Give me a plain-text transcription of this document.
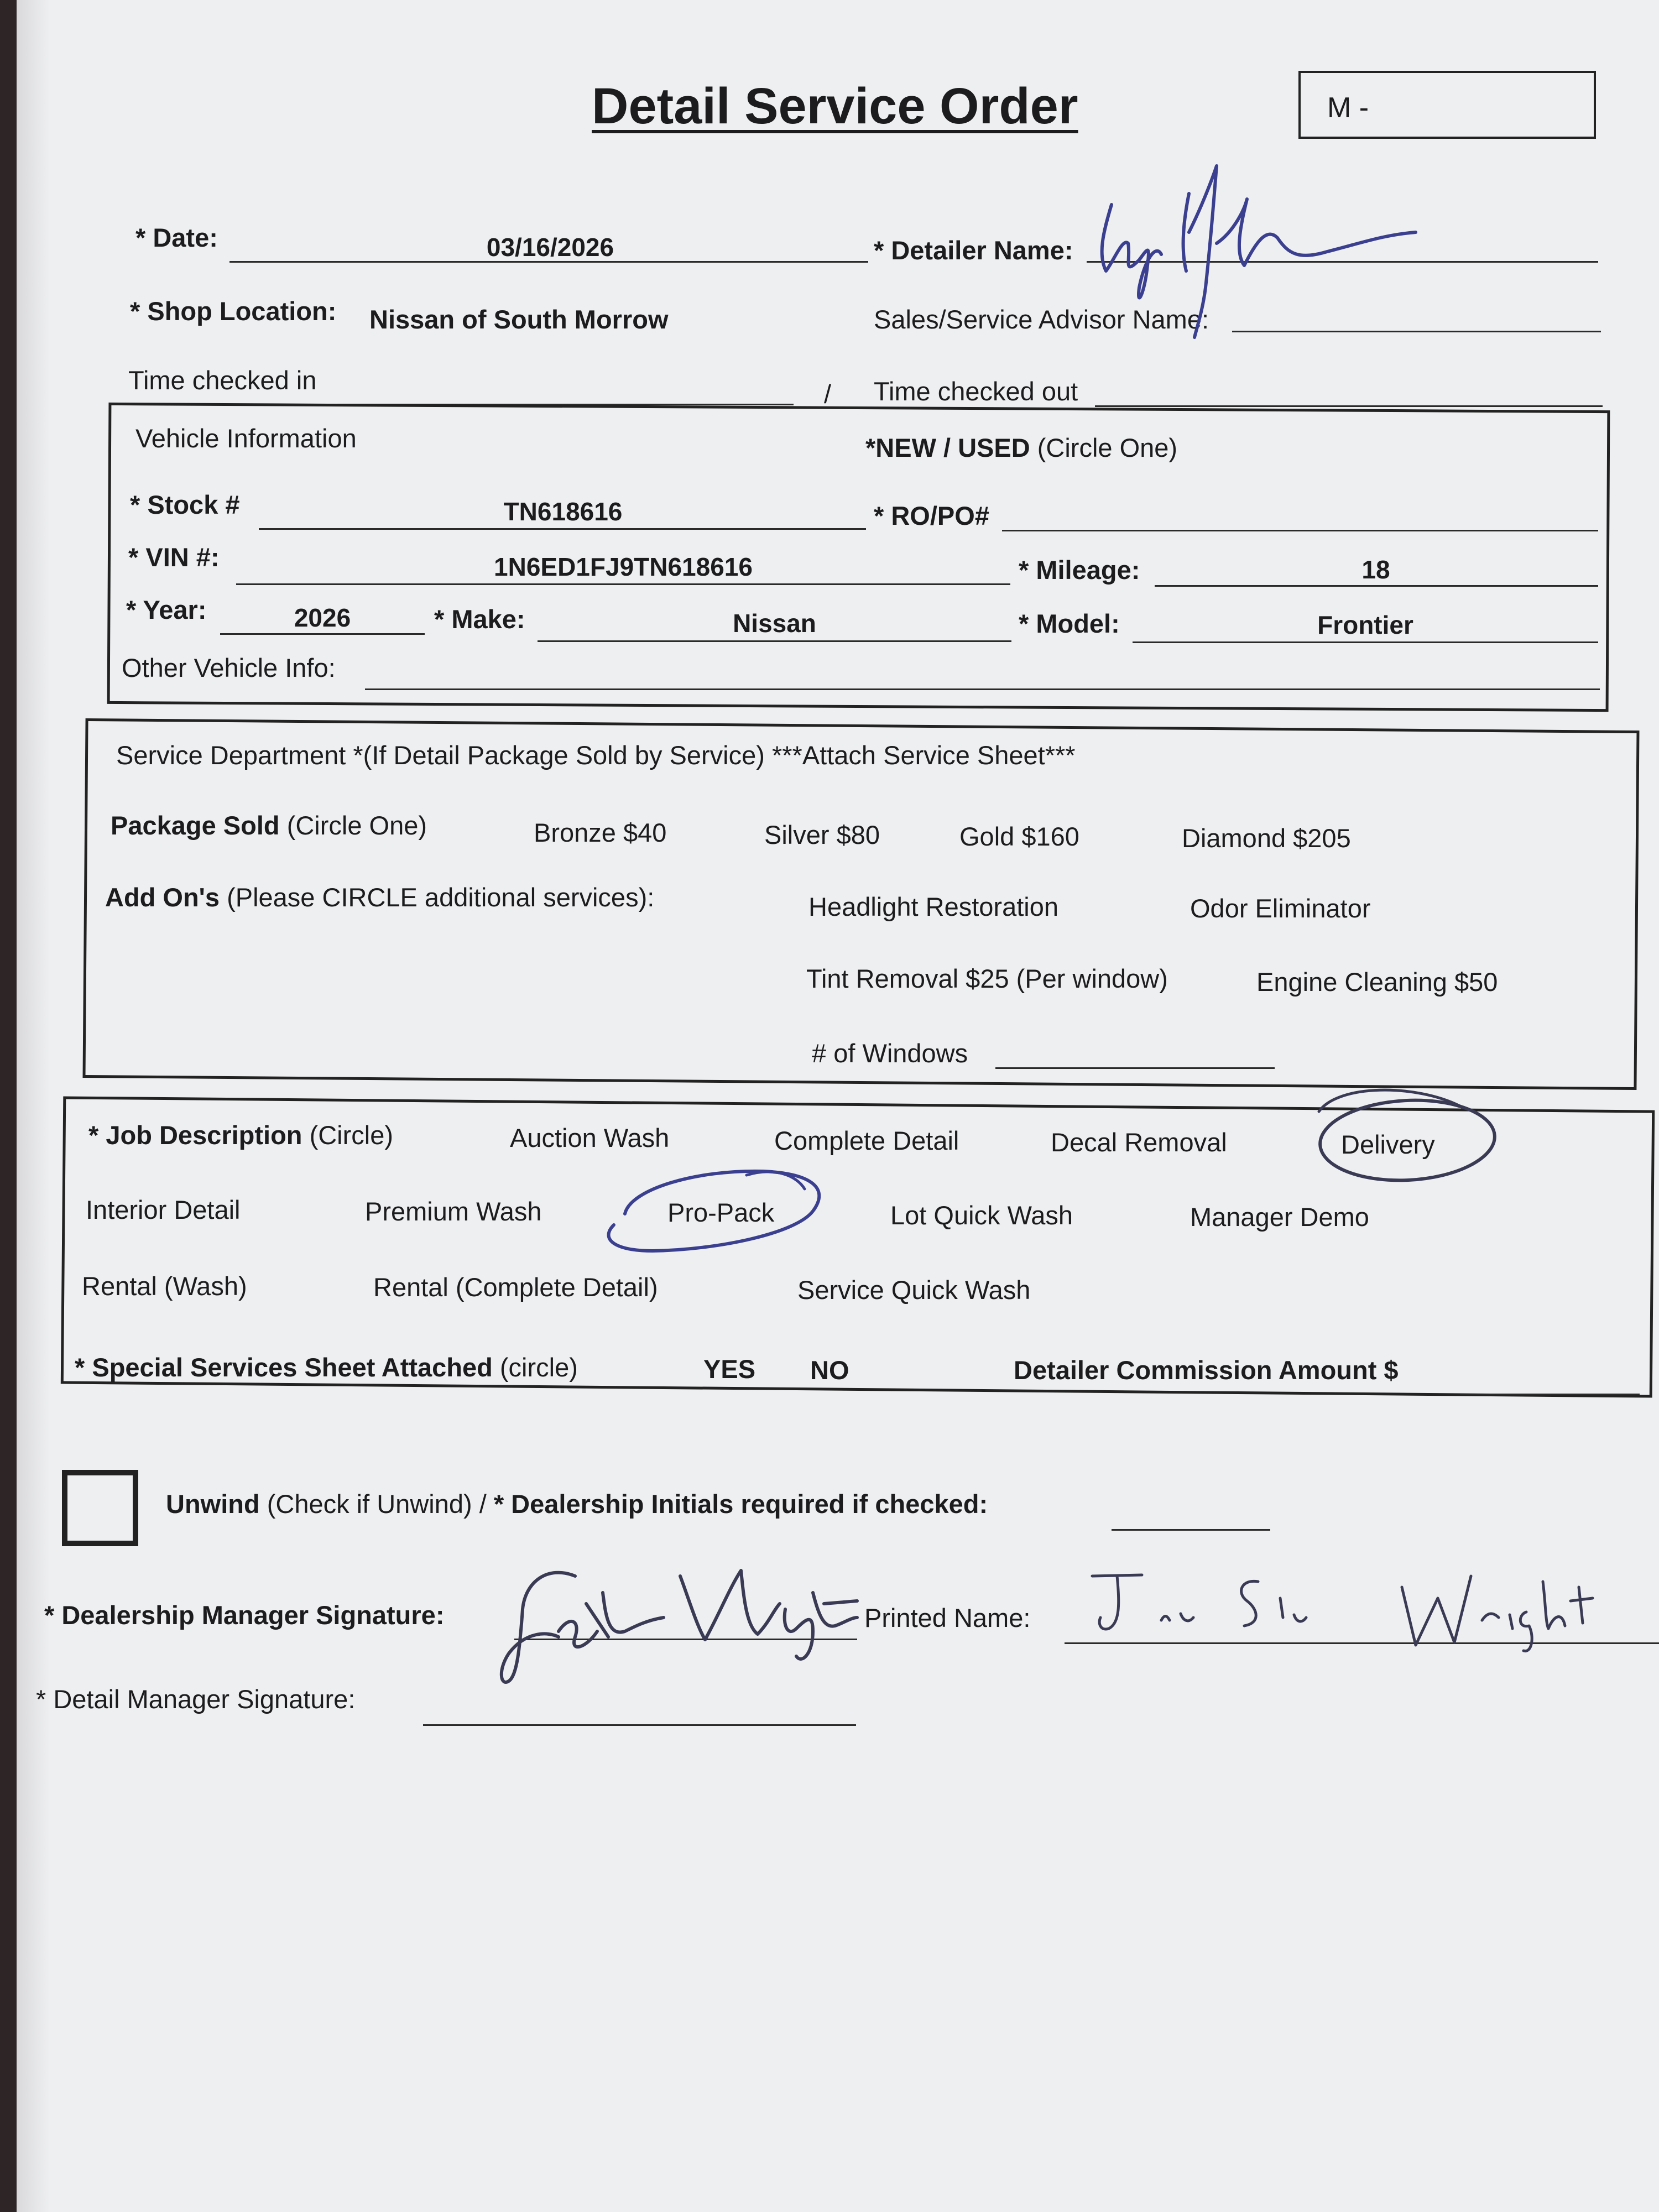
Detail Service Order	M -
* Date:	03/16/2026	* Detailer Name:
* Shop Location: Nissan of South Morrow	Sales/Service Advisor Name:
Time checked in	/ Time checked out
Vehicle Information	*NEW / USED (Circle One)
* Stock #	TN618616	* RO/PO#
* VIN #:	1N6ED1FJ9TN618616	* Mileage:	18
* Year:	2026	* Make:	Nissan	* Model:	Frontier
Other Vehicle Info:
Service Department *(If Detail Package Sold by Service) ***Attach Service Sheet***
Package Sold (Circle One)	Bronze $40	Silver $80	Gold $160	Diamond $205
Add On's (Please CIRCLE additional services):	Headlight Restoration	Odor Eliminator
Tint Removal $25 (Per window)	Engine Cleaning $50
# of Windows
* Job Description (Circle)	Auction Wash	Complete Detail	Decal Removal	Delivery
Interior Detail	Premium Wash	Pro-Pack	Lot Quick Wash	Manager Demo
Rental (Wash)	Rental (Complete Detail)	Service Quick Wash
* Special Services Sheet Attached (circle)	YES NO	Detailer Commission Amount $
Unwind (Check if Unwind) / * Dealership Initials required if checked:
* Dealership Manager Signature:	Printed Name:
* Detail Manager Signature:
